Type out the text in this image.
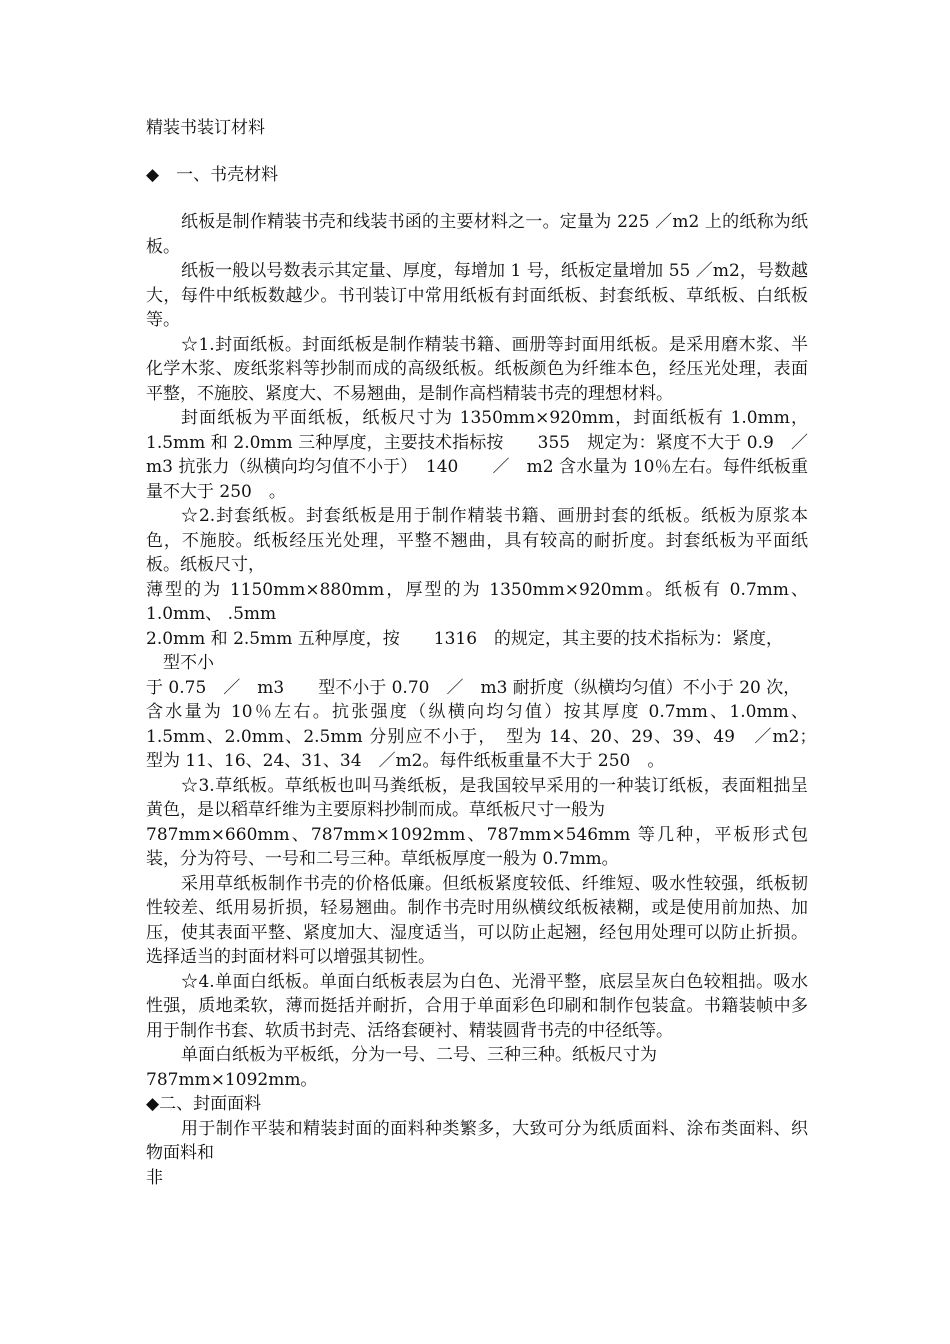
精装书装订材料
◆　一、书壳材料

纸板是制作精装书壳和线装书函的主要材料之一。定量为 225 ／m2 上的纸称为纸板。

纸板一般以号数表示其定量、厚度，每增加 1 号，纸板定量增加 55 ／m2，号数越大，每件中纸板数越少。书刊装订中常用纸板有封面纸板、封套纸板、草纸板、白纸板等。

☆1.封面纸板。封面纸板是制作精装书籍、画册等封面用纸板。是采用磨木浆、半化学木浆、废纸浆料等抄制而成的高级纸板。纸板颜色为纤维本色，经压光处理，表面平整，不施胶、紧度大、不易翘曲，是制作高档精装书壳的理想材料。

封面纸板为平面纸板，纸板尺寸为 1350mm×920mm，封面纸板有 1.0mm，1.5mm 和 2.0mm 三种厚度，主要技术指标按　　355　规定为：紧度不大于 0.9　／　m3 抗张力（纵横向均匀值不小于）　140　　／　m2 含水量为 10％左右。每件纸板重量不大于 250　。

☆2.封套纸板。封套纸板是用于制作精装书籍、画册封套的纸板。纸板为原浆本色，不施胶。纸板经压光处理，平整不翘曲，具有较高的耐折度。封套纸板为平面纸板。纸板尺寸，

薄型的为 1150mm×880mm，厚型的为 1350mm×920mm。纸板有 0.7mm、1.0mm、 .5mm

2.0mm 和 2.5mm 五种厚度，按　　1316　的规定，其主要的技术指标为：紧度，

　型不小

于 0.75　／　m3　　型不小于 0.70　／　m3 耐折度（纵横均匀值）不小于 20 次，

含水量为 10％左右。抗张强度（纵横向均匀值）按其厚度 0.7mm、1.0mm、1.5mm、2.0mm、2.5mm 分别应不小于，　型为 14、20、29、39、49　／m2；　型为 11、16、24、31、34　／m2。每件纸板重量不大于 250　。

☆3.草纸板。草纸板也叫马粪纸板，是我国较早采用的一种装订纸板，表面粗拙呈黄色，是以稻草纤维为主要原料抄制而成。草纸板尺寸一般为

787mm×660mm、787mm×1092mm、787mm×546mm 等几种，平板形式包装，分为符号、一号和二号三种。草纸板厚度一般为 0.7mm。

采用草纸板制作书壳的价格低廉。但纸板紧度较低、纤维短、吸水性较强，纸板韧性较差、纸用易折损，轻易翘曲。制作书壳时用纵横纹纸板裱糊，或是使用前加热、加压，使其表面平整、紧度加大、湿度适当，可以防止起翘，经包用处理可以防止折损。选择适当的封面材料可以增强其韧性。

☆4.单面白纸板。单面白纸板表层为白色、光滑平整，底层呈灰白色较粗拙。吸水性强，质地柔软，薄而挺括并耐折，合用于单面彩色印刷和制作包装盒。书籍装帧中多用于制作书套、软质书封壳、活络套硬衬、精装圆背书壳的中径纸等。

单面白纸板为平板纸，分为一号、二号、三种三种。纸板尺寸为

787mm×1092mm。

◆二、封面面料

用于制作平装和精装封面的面料种类繁多，大致可分为纸质面料、涂布类面料、织物面料和

非
